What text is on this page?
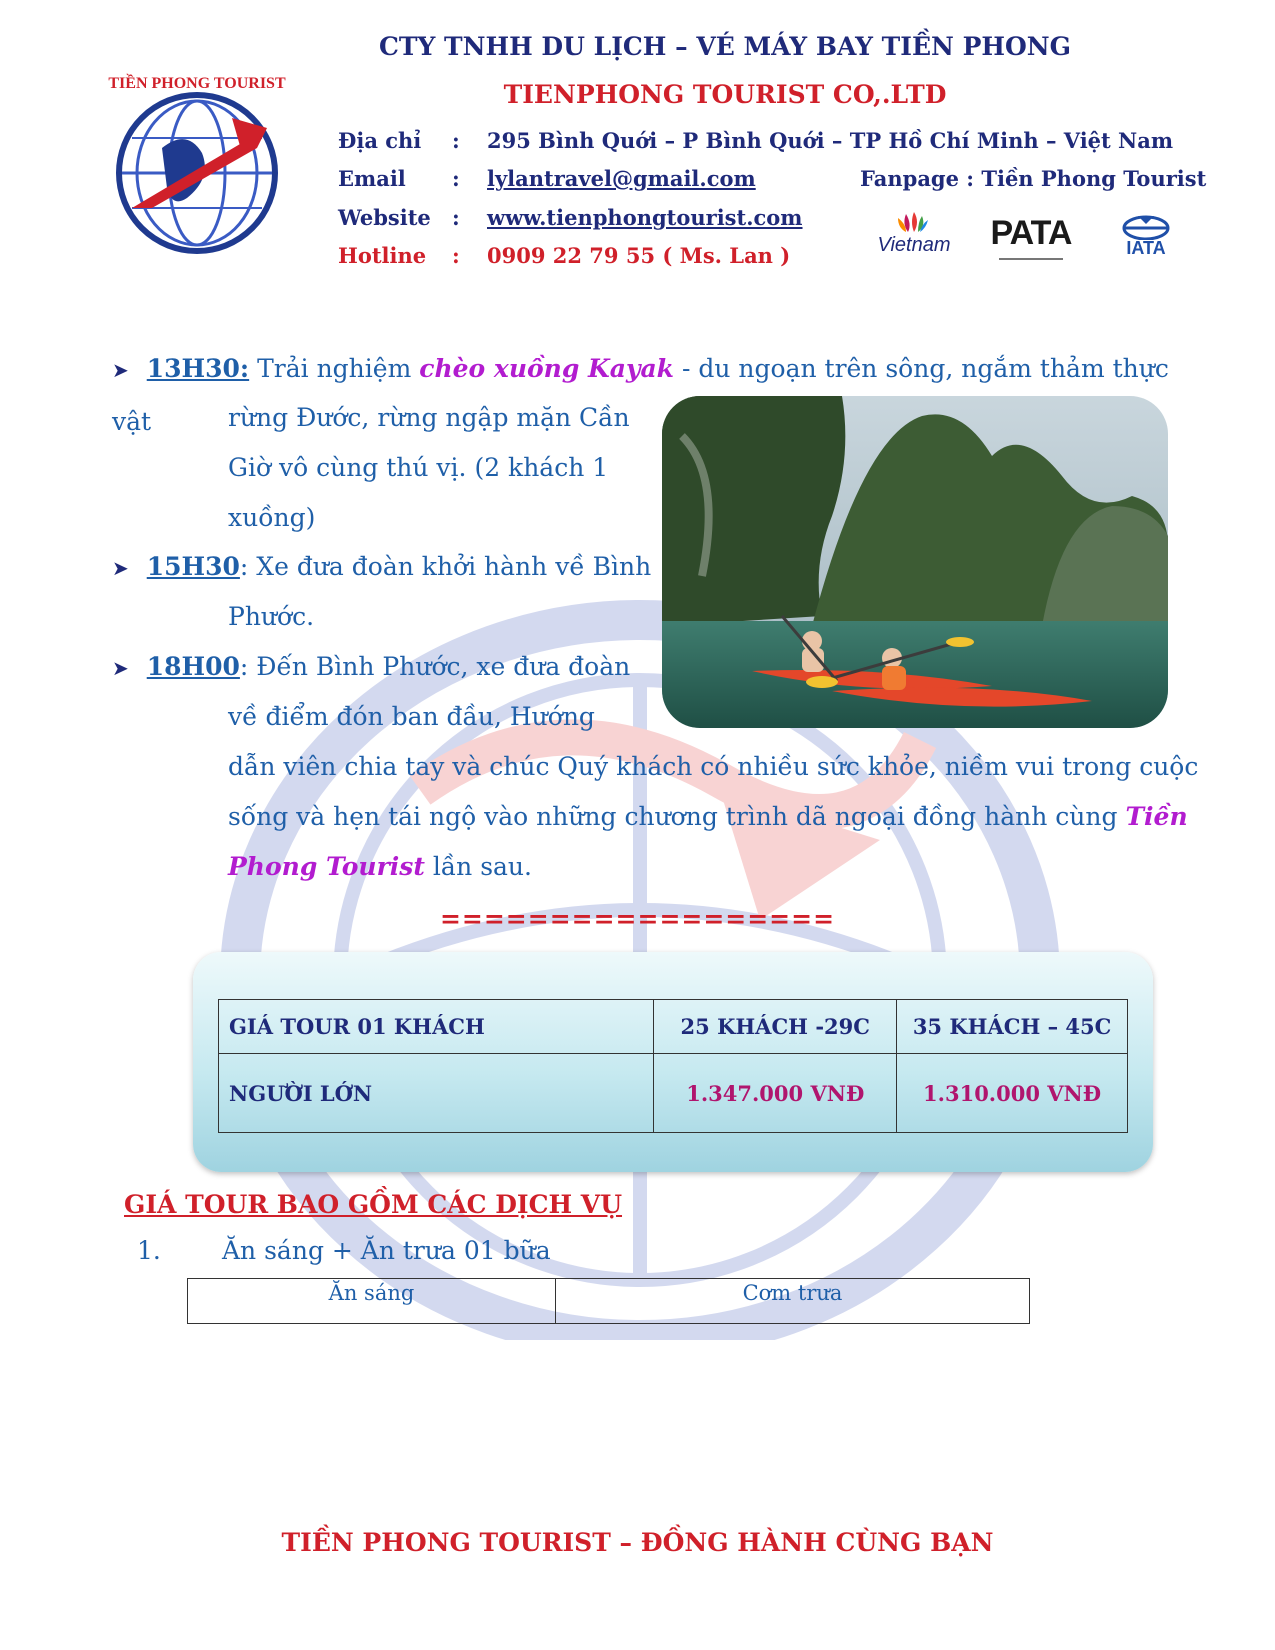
TIỀN PHONG TOURIST
CTY TNHH DU LỊCH – VÉ MÁY BAY TIỀN PHONG
TIENPHONG TOURIST CO,.LTD
Địa chỉ : 295 Bình Quới – P Bình Quới – TP Hồ Chí Minh – Việt Nam
Email : lylantravel@gmail.com	Fanpage : Tiền Phong Tourist
Website : www.tienphongtourist.com
Hotline : 0909 22 79 55 ( Ms. Lan )	Vietnam PATA	IATA
➤ 13H30: Trải nghiệm chèo xuồng Kayak - du ngoạn trên sông, ngắm thảm thực vật	rừng Đước, rừng ngập mặn Cần
Giờ vô cùng thú vị. (2 khách 1
xuồng)
➤ 15H30: Xe đưa đoàn khởi hành về Bình
Phước.
➤ 18H00: Đến Bình Phước, xe đưa đoàn
về điểm đón ban đầu, Hướng
dẫn viên chia tay và chúc Quý khách có nhiều sức khỏe, niềm vui trong cuộc
sống và hẹn tái ngộ vào những chương trình dã ngoại đồng hành cùng Tiền
Phong Tourist lần sau.
==================
GIÁ TOUR 01 KHÁCH	25 KHÁCH -29C	35 KHÁCH – 45C
NGƯỜI LỚN	1.347.000 VNĐ	1.310.000 VNĐ
GIÁ TOUR BAO GỒM CÁC DỊCH VỤ
1. Ăn sáng + Ăn trưa 01 bữa
Ăn sáng	Cơm trưa
TIỀN PHONG TOURIST – ĐỒNG HÀNH CÙNG BẠN
